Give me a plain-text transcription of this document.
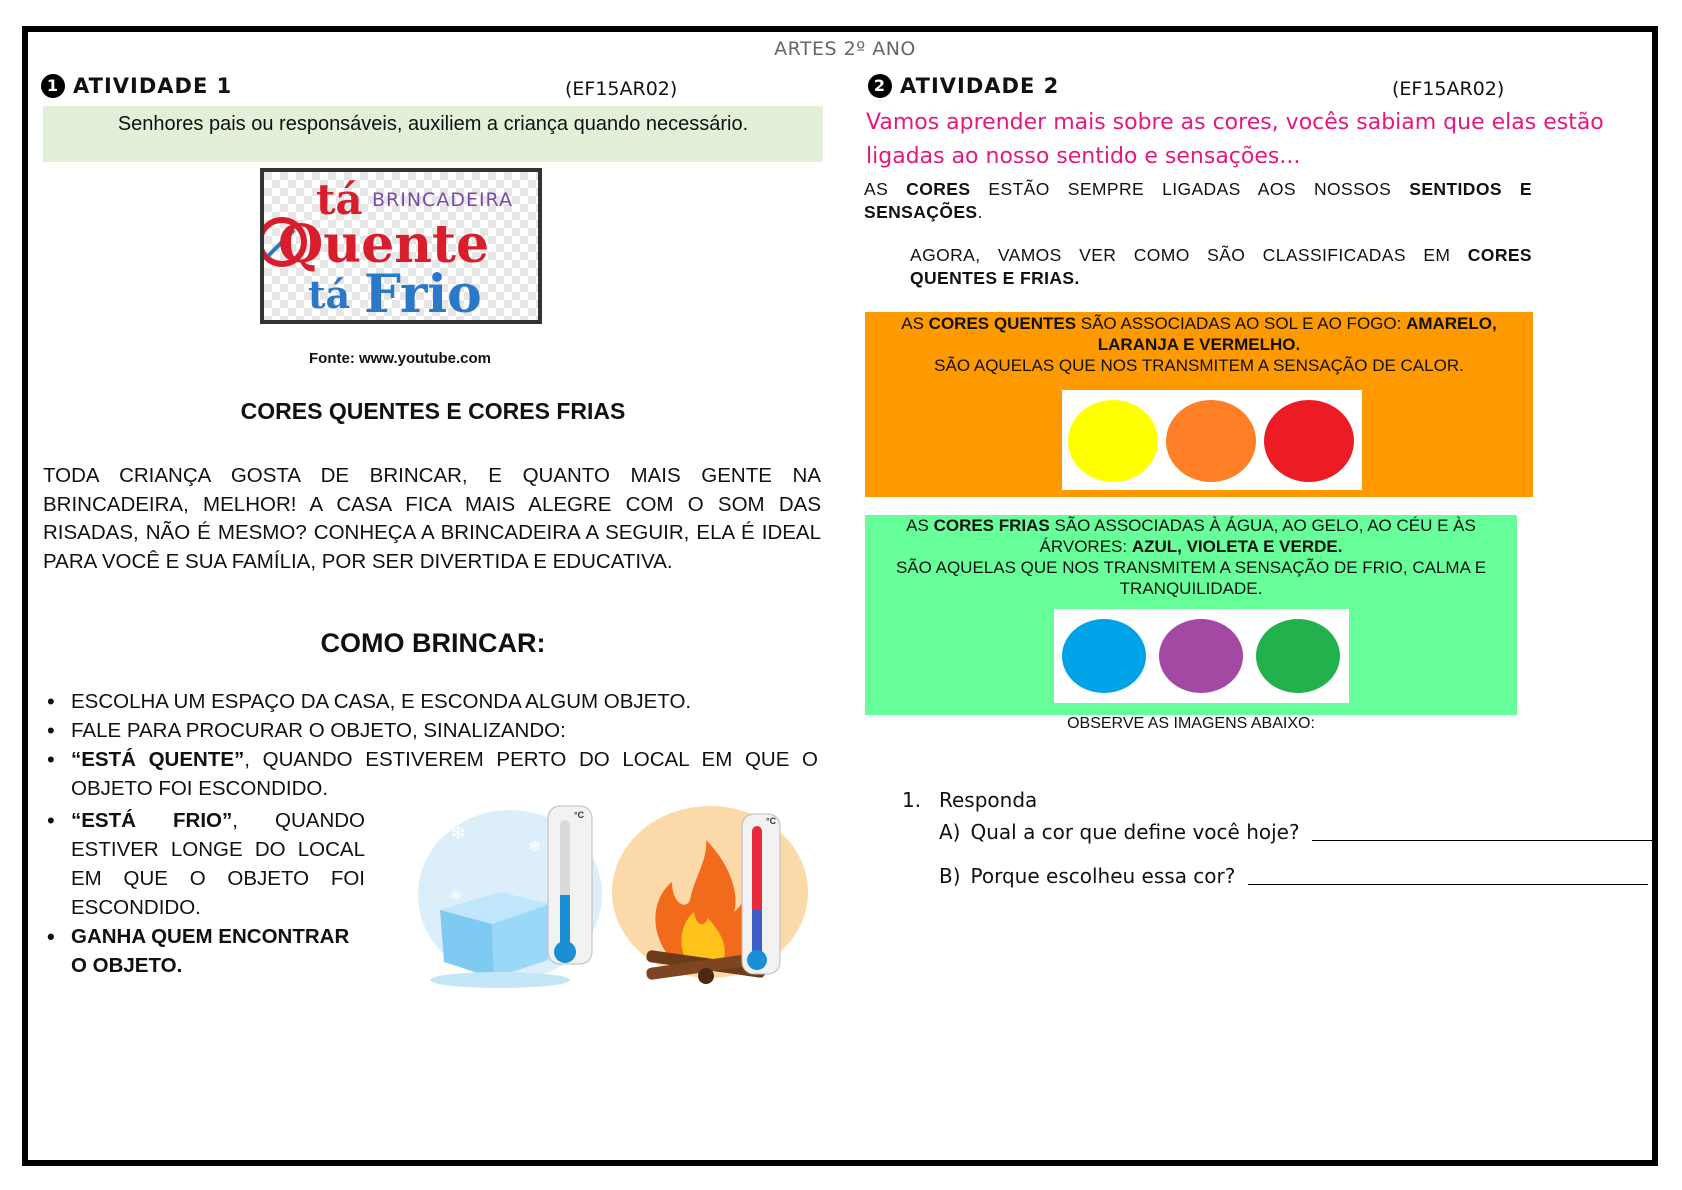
ARTES 2º ANO
1 ATIVIDADE 1	(EF15AR02)
Senhores pais ou responsáveis, auxiliem a criança quando necessário.
tá BRINCADEIRA
Quente
tá Frio
Fonte: www.youtube.com
CORES QUENTES E CORES FRIAS
TODA CRIANÇA GOSTA DE BRINCAR, E QUANTO MAIS GENTE NA BRINCADEIRA, MELHOR! A CASA FICA MAIS ALEGRE COM O SOM DAS RISADAS, NÃO É MESMO? CONHEÇA A BRINCADEIRA A SEGUIR, ELA É IDEAL PARA VOCÊ E SUA FAMÍLIA, POR SER DIVERTIDA E EDUCATIVA.
COMO BRINCAR:
• ESCOLHA UM ESPAÇO DA CASA, E ESCONDA ALGUM OBJETO.
• FALE PARA PROCURAR O OBJETO, SINALIZANDO:
• “ESTÁ QUENTE”, QUANDO ESTIVEREM PERTO DO LOCAL EM QUE O OBJETO FOI ESCONDIDO.
• “ESTÁ FRIO”, QUANDO ESTIVER LONGE DO LOCAL EM QUE O OBJETO FOI ESCONDIDO.
• GANHA QUEM ENCONTRAR O OBJETO.
❄
❄
❄
°C
°C
2 ATIVIDADE 2	(EF15AR02)
Vamos aprender mais sobre as cores, vocês sabiam que elas estão ligadas ao nosso sentido e sensações...
AS CORES ESTÃO SEMPRE LIGADAS AOS NOSSOS SENTIDOS E SENSAÇÕES.
AGORA, VAMOS VER COMO SÃO CLASSIFICADAS EM CORES QUENTES E FRIAS.
AS CORES QUENTES SÃO ASSOCIADAS AO SOL E AO FOGO: AMARELO, LARANJA E VERMELHO.
SÃO AQUELAS QUE NOS TRANSMITEM A SENSAÇÃO DE CALOR.
AS CORES FRIAS SÃO ASSOCIADAS À ÁGUA, AO GELO, AO CÉU E ÀS ÁRVORES: AZUL, VIOLETA E VERDE.
SÃO AQUELAS QUE NOS TRANSMITEM A SENSAÇÃO DE FRIO, CALMA E TRANQUILIDADE.
OBSERVE AS IMAGENS ABAIXO:
1. Responda
A) Qual a cor que define você hoje?
B) Porque escolheu essa cor?
